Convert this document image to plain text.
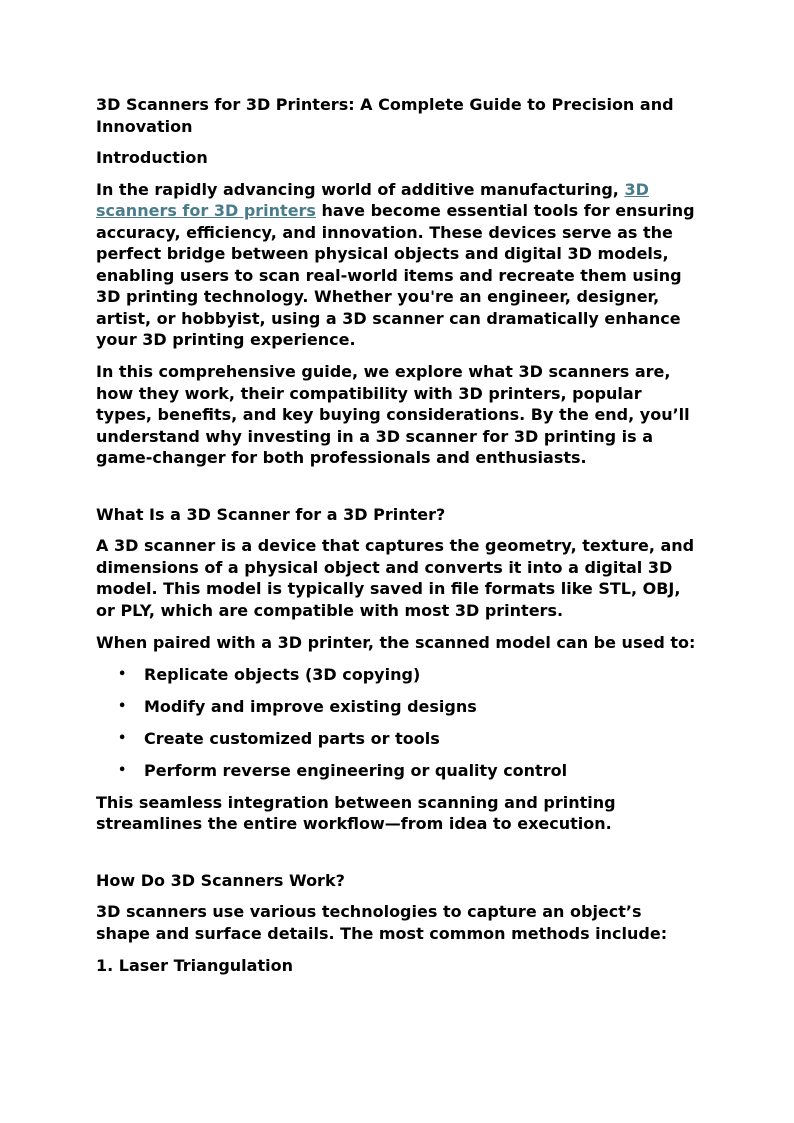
3D Scanners for 3D Printers: A Complete Guide to Precision and Innovation
Introduction

In the rapidly advancing world of additive manufacturing, 3D scanners for 3D printers have become essential tools for ensuring accuracy, efficiency, and innovation. These devices serve as the perfect bridge between physical objects and digital 3D models, enabling users to scan real-world items and recreate them using 3D printing technology. Whether you're an engineer, designer, artist, or hobbyist, using a 3D scanner can dramatically enhance your 3D printing experience.

In this comprehensive guide, we explore what 3D scanners are, how they work, their compatibility with 3D printers, popular types, benefits, and key buying considerations. By the end, you’ll understand why investing in a 3D scanner for 3D printing is a game-changer for both professionals and enthusiasts.

What Is a 3D Scanner for a 3D Printer?

A 3D scanner is a device that captures the geometry, texture, and dimensions of a physical object and converts it into a digital 3D model. This model is typically saved in file formats like STL, OBJ, or PLY, which are compatible with most 3D printers.

When paired with a 3D printer, the scanned model can be used to:

• Replicate objects (3D copying)
• Modify and improve existing designs
• Create customized parts or tools
• Perform reverse engineering or quality control

This seamless integration between scanning and printing streamlines the entire workflow—from idea to execution.

How Do 3D Scanners Work?

3D scanners use various technologies to capture an object’s shape and surface details. The most common methods include:

1. Laser Triangulation
